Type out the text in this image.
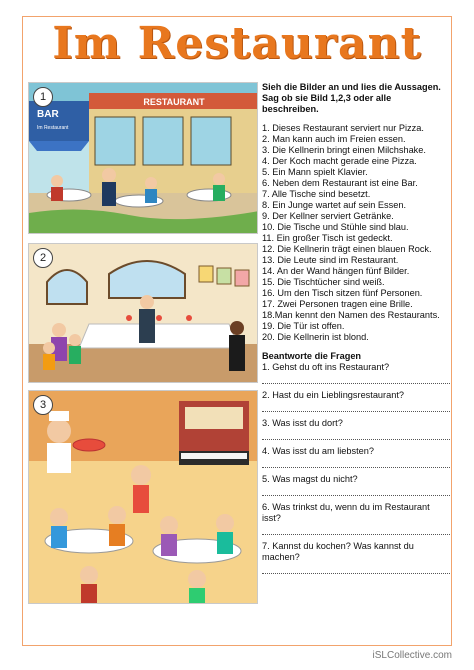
Im Restaurant
RESTAURANT
BAR
Im Restaurant
1
2
3
Sieh die Bilder an und lies die Aussagen. Sag ob sie Bild 1,2,3 oder alle beschreiben.
1. Dieses Restaurant serviert nur Pizza.
2. Man kann auch im Freien essen.
3. Die Kellnerin bringt einen Milchshake.
4. Der Koch macht gerade eine Pizza.
5. Ein Mann spielt Klavier.
6. Neben dem Restaurant ist eine Bar.
7. Alle Tische sind besetzt.
8. Ein Junge wartet auf sein Essen.
9. Der Kellner serviert Getränke.
10. Die Tische und Stühle sind blau.
11. Ein großer Tisch ist gedeckt.
12. Die Kellnerin trägt einen blauen Rock.
13. Die Leute sind im Restaurant.
14. An der Wand hängen fünf Bilder.
15. Die Tischtücher sind weiß.
16. Um den Tisch sitzen fünf Personen.
17. Zwei Personen tragen eine Brille.
18.Man kennt den Namen des Restaurants.
19. Die Tür ist offen.
20. Die Kellnerin ist blond.
Beantworte die Fragen
1. Gehst du oft ins Restaurant?
2. Hast du ein Lieblingsrestaurant?
3. Was isst du dort?
4. Was isst du am liebsten?
5. Was magst du nicht?
6. Was trinkst du, wenn du im Restaurant isst?
7. Kannst du kochen? Was kannst du machen?
iSLCollective.com
